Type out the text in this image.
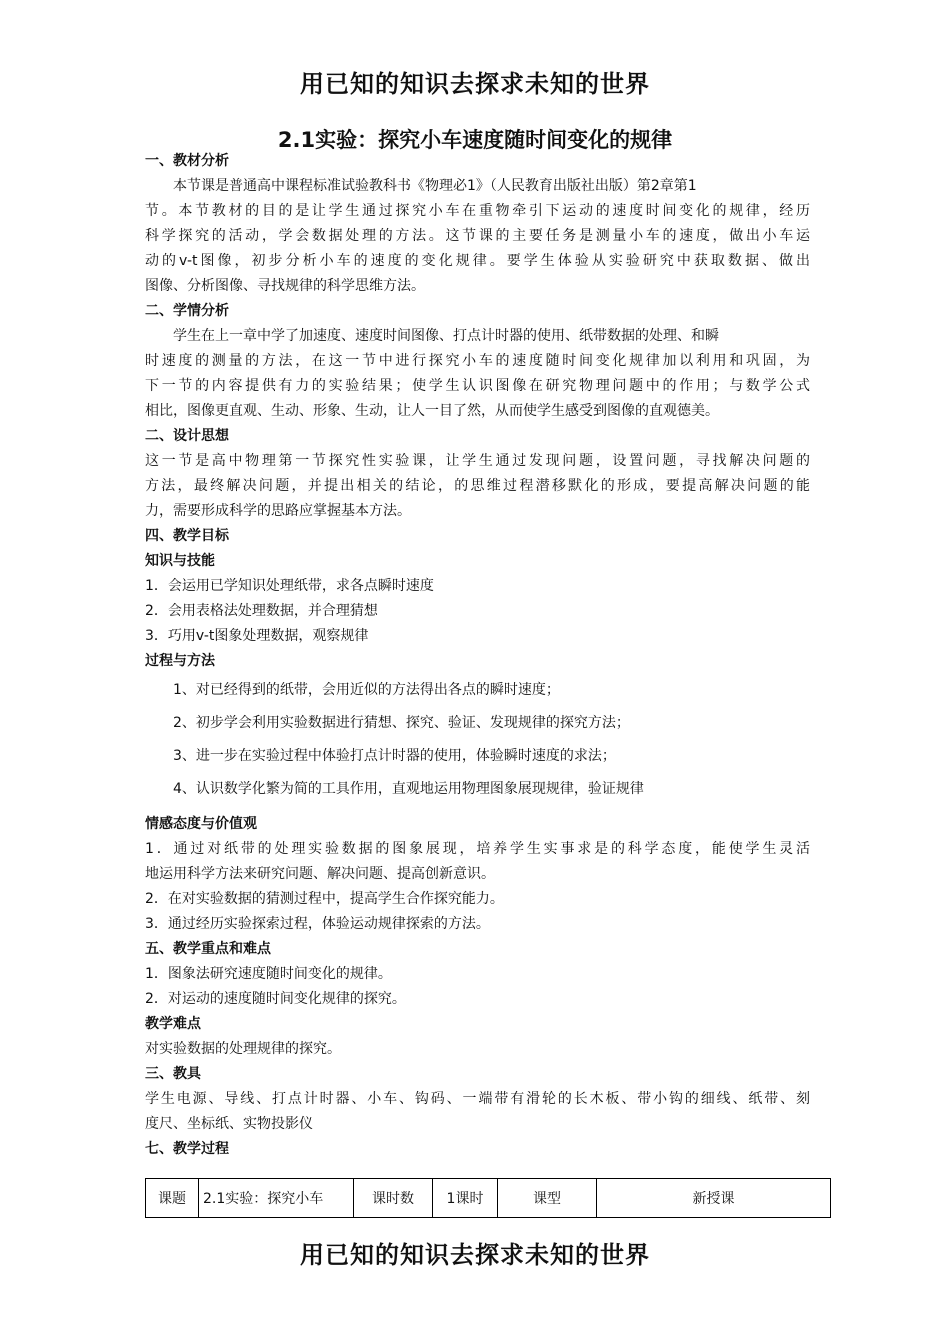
用已知的知识去探求未知的世界
2.1实验：探究小车速度随时间变化的规律
一、教材分析
本节课是普通高中课程标准试验教科书《物理必1》（人民教育出版社出版）第2章第1
节。本节教材的目的是让学生通过探究小车在重物牵引下运动的速度时间变化的规律，经历
科学探究的活动，学会数据处理的方法。这节课的主要任务是测量小车的速度，做出小车运
动的v-t图像，初步分析小车的速度的变化规律。要学生体验从实验研究中获取数据、做出
图像、分析图像、寻找规律的科学思维方法。
二、学情分析
学生在上一章中学了加速度、速度时间图像、打点计时器的使用、纸带数据的处理、和瞬
时速度的测量的方法，在这一节中进行探究小车的速度随时间变化规律加以利用和巩固，为
下一节的内容提供有力的实验结果；使学生认识图像在研究物理问题中的作用；与数学公式
相比，图像更直观、生动、形象、生动，让人一目了然，从而使学生感受到图像的直观德美。
二、设计思想
这一节是高中物理第一节探究性实验课，让学生通过发现问题，设置问题，寻找解决问题的
方法，最终解决问题，并提出相关的结论，的思维过程潜移默化的形成，要提高解决问题的能
力，需要形成科学的思路应掌握基本方法。
四、教学目标
知识与技能
1．会运用已学知识处理纸带，求各点瞬时速度
2．会用表格法处理数据，并合理猜想
3．巧用v-t图象处理数据，观察规律
过程与方法
1、对已经得到的纸带，会用近似的方法得出各点的瞬时速度；
2、初步学会利用实验数据进行猜想、探究、验证、发现规律的探究方法；
3、进一步在实验过程中体验打点计时器的使用，体验瞬时速度的求法；
4、认识数学化繁为简的工具作用，直观地运用物理图象展现规律，验证规律
情感态度与价值观
1．通过对纸带的处理实验数据的图象展现，培养学生实事求是的科学态度，能使学生灵活
地运用科学方法来研究问题、解决问题、提高创新意识。
2．在对实验数据的猜测过程中，提高学生合作探究能力。
3．通过经历实验探索过程，体验运动规律探索的方法。
五、教学重点和难点
1．图象法研究速度随时间变化的规律。
2．对运动的速度随时间变化规律的探究。
教学难点
对实验数据的处理规律的探究。
三、教具
学生电源、导线、打点计时器、小车、钩码、一端带有滑轮的长木板、带小钩的细线、纸带、刻
度尺、坐标纸、实物投影仪
七、教学过程
课题	2.1实验：探究小车	课时数	1课时	课型	新授课
用已知的知识去探求未知的世界
